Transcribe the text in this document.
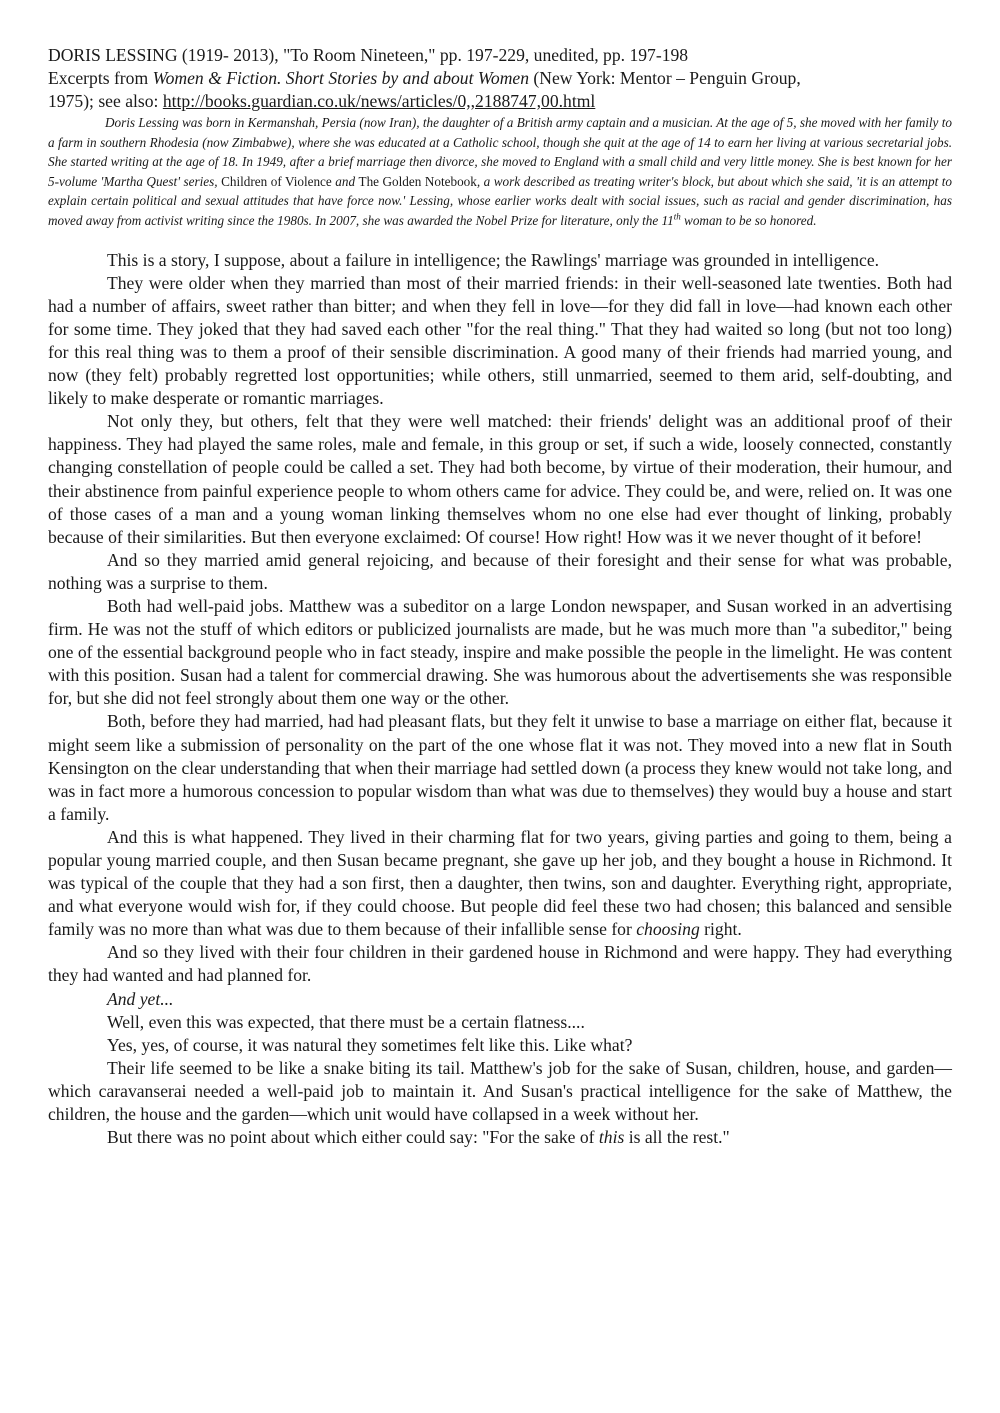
DORIS LESSING (1919- 2013), "To Room Nineteen," pp. 197-229, unedited, pp. 197-198
Excerpts from Women & Fiction. Short Stories by and about Women (New York: Mentor – Penguin Group,
1975); see also: http://books.guardian.co.uk/news/articles/0,,2188747,00.html

Doris Lessing was born in Kermanshah, Persia (now Iran), the daughter of a British army captain and a musician. At the age of 5, she moved with her family to a farm in southern Rhodesia (now Zimbabwe), where she was educated at a Catholic school, though she quit at the age of 14 to earn her living at various secretarial jobs. She started writing at the age of 18. In 1949, after a brief marriage then divorce, she moved to England with a small child and very little money. She is best known for her 5-volume 'Martha Quest' series, Children of Violence and The Golden Notebook, a work described as treating writer's block, but about which she said, 'it is an attempt to explain certain political and sexual attitudes that have force now.' Lessing, whose earlier works dealt with social issues, such as racial and gender discrimination, has moved away from activist writing since the 1980s. In 2007, she was awarded the Nobel Prize for literature, only the 11th woman to be so honored.

This is a story, I suppose, about a failure in intelligence; the Rawlings' marriage was grounded in intelligence.

They were older when they married than most of their married friends: in their well-seasoned late twenties. Both had had a number of affairs, sweet rather than bitter; and when they fell in love—for they did fall in love—had known each other for some time. They joked that they had saved each other "for the real thing." That they had waited so long (but not too long) for this real thing was to them a proof of their sensible discrimination. A good many of their friends had married young, and now (they felt) probably regretted lost opportunities; while others, still unmarried, seemed to them arid, self-doubting, and likely to make desperate or romantic marriages.

Not only they, but others, felt that they were well matched: their friends' delight was an additional proof of their happiness. They had played the same roles, male and female, in this group or set, if such a wide, loosely connected, constantly changing constellation of people could be called a set. They had both become, by virtue of their moderation, their humour, and their abstinence from painful experience people to whom others came for advice. They could be, and were, relied on. It was one of those cases of a man and a young woman linking themselves whom no one else had ever thought of linking, probably because of their similarities. But then everyone exclaimed: Of course! How right! How was it we never thought of it before!

And so they married amid general rejoicing, and because of their foresight and their sense for what was probable, nothing was a surprise to them.

Both had well-paid jobs. Matthew was a subeditor on a large London newspaper, and Susan worked in an advertising firm. He was not the stuff of which editors or publicized journalists are made, but he was much more than "a subeditor," being one of the essential background people who in fact steady, inspire and make possible the people in the limelight. He was content with this position. Susan had a talent for commercial drawing. She was humorous about the advertisements she was responsible for, but she did not feel strongly about them one way or the other.

Both, before they had married, had had pleasant flats, but they felt it unwise to base a marriage on either flat, because it might seem like a submission of personality on the part of the one whose flat it was not. They moved into a new flat in South Kensington on the clear understanding that when their marriage had settled down (a process they knew would not take long, and was in fact more a humorous concession to popular wisdom than what was due to themselves) they would buy a house and start a family.

And this is what happened. They lived in their charming flat for two years, giving parties and going to them, being a popular young married couple, and then Susan became pregnant, she gave up her job, and they bought a house in Richmond. It was typical of the couple that they had a son first, then a daughter, then twins, son and daughter. Everything right, appropriate, and what everyone would wish for, if they could choose. But people did feel these two had chosen; this balanced and sensible family was no more than what was due to them because of their infallible sense for choosing right.

And so they lived with their four children in their gardened house in Richmond and were happy. They had everything they had wanted and had planned for.

And yet...

Well, even this was expected, that there must be a certain flatness....

Yes, yes, of course, it was natural they sometimes felt like this. Like what?

Their life seemed to be like a snake biting its tail. Matthew's job for the sake of Susan, children, house, and garden—which caravanserai needed a well-paid job to maintain it. And Susan's practical intelligence for the sake of Matthew, the children, the house and the garden—which unit would have collapsed in a week without her.

But there was no point about which either could say: "For the sake of this is all the rest."
